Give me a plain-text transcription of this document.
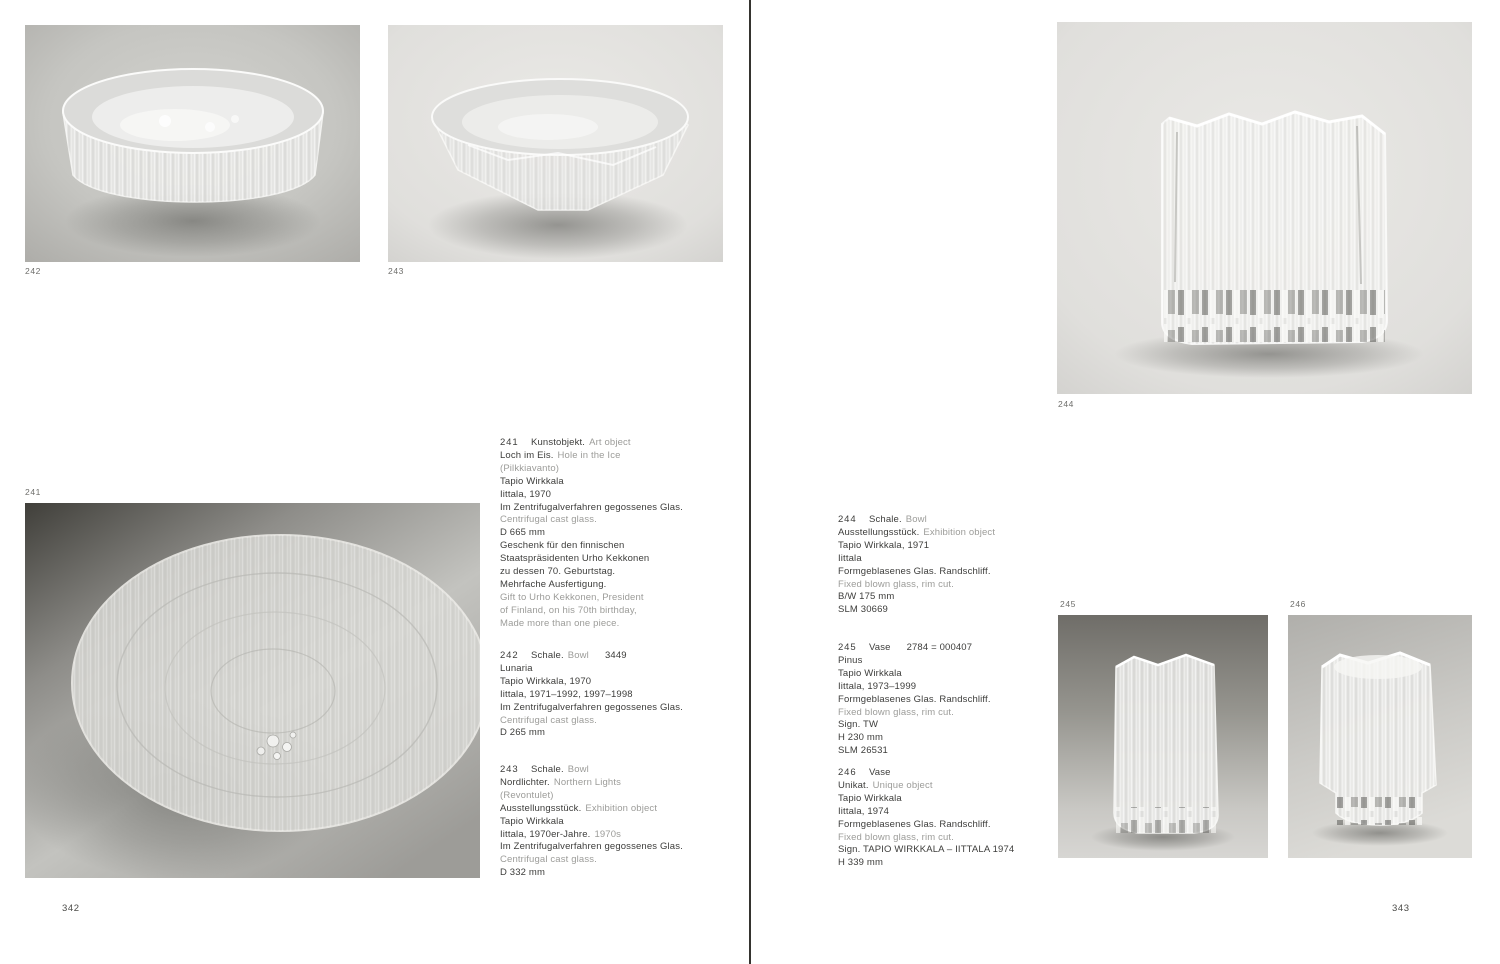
242	243
241
241 Kunstobjekt. Art object
Loch im Eis. Hole in the Ice
(Pilkkiavanto)
Tapio Wirkkala
Iittala, 1970
Im Zentrifugalverfahren gegossenes Glas.
Centrifugal cast glass.
D 665 mm
Geschenk für den finnischen
Staatspräsidenten Urho Kekkonen
zu dessen 70. Geburtstag.
Mehrfache Ausfertigung.
Gift to Urho Kekkonen, President
of Finland, on his 70th birthday,
Made more than one piece.
242 Schale. Bowl 3449
Lunaria
Tapio Wirkkala, 1970
Iittala, 1971–1992, 1997–1998
Im Zentrifugalverfahren gegossenes Glas.
Centrifugal cast glass.
D 265 mm
243 Schale. Bowl
Nordlichter. Northern Lights
(Revontulet)
Ausstellungsstück. Exhibition object
Tapio Wirkkala
Iittala, 1970er-Jahre. 1970s
Im Zentrifugalverfahren gegossenes Glas.
Centrifugal cast glass.
D 332 mm
342
244
245	246
244 Schale. Bowl
Ausstellungsstück. Exhibition object
Tapio Wirkkala, 1971
Iittala
Formgeblasenes Glas. Randschliff.
Fixed blown glass, rim cut.
B/W 175 mm
SLM 30669
245 Vase 2784 = 000407
Pinus
Tapio Wirkkala
Iittala, 1973–1999
Formgeblasenes Glas. Randschliff.
Fixed blown glass, rim cut.
Sign. TW
H 230 mm
SLM 26531
246 Vase
Unikat. Unique object
Tapio Wirkkala
Iittala, 1974
Formgeblasenes Glas. Randschliff.
Fixed blown glass, rim cut.
Sign. TAPIO WIRKKALA – IITTALA 1974
H 339 mm
343
